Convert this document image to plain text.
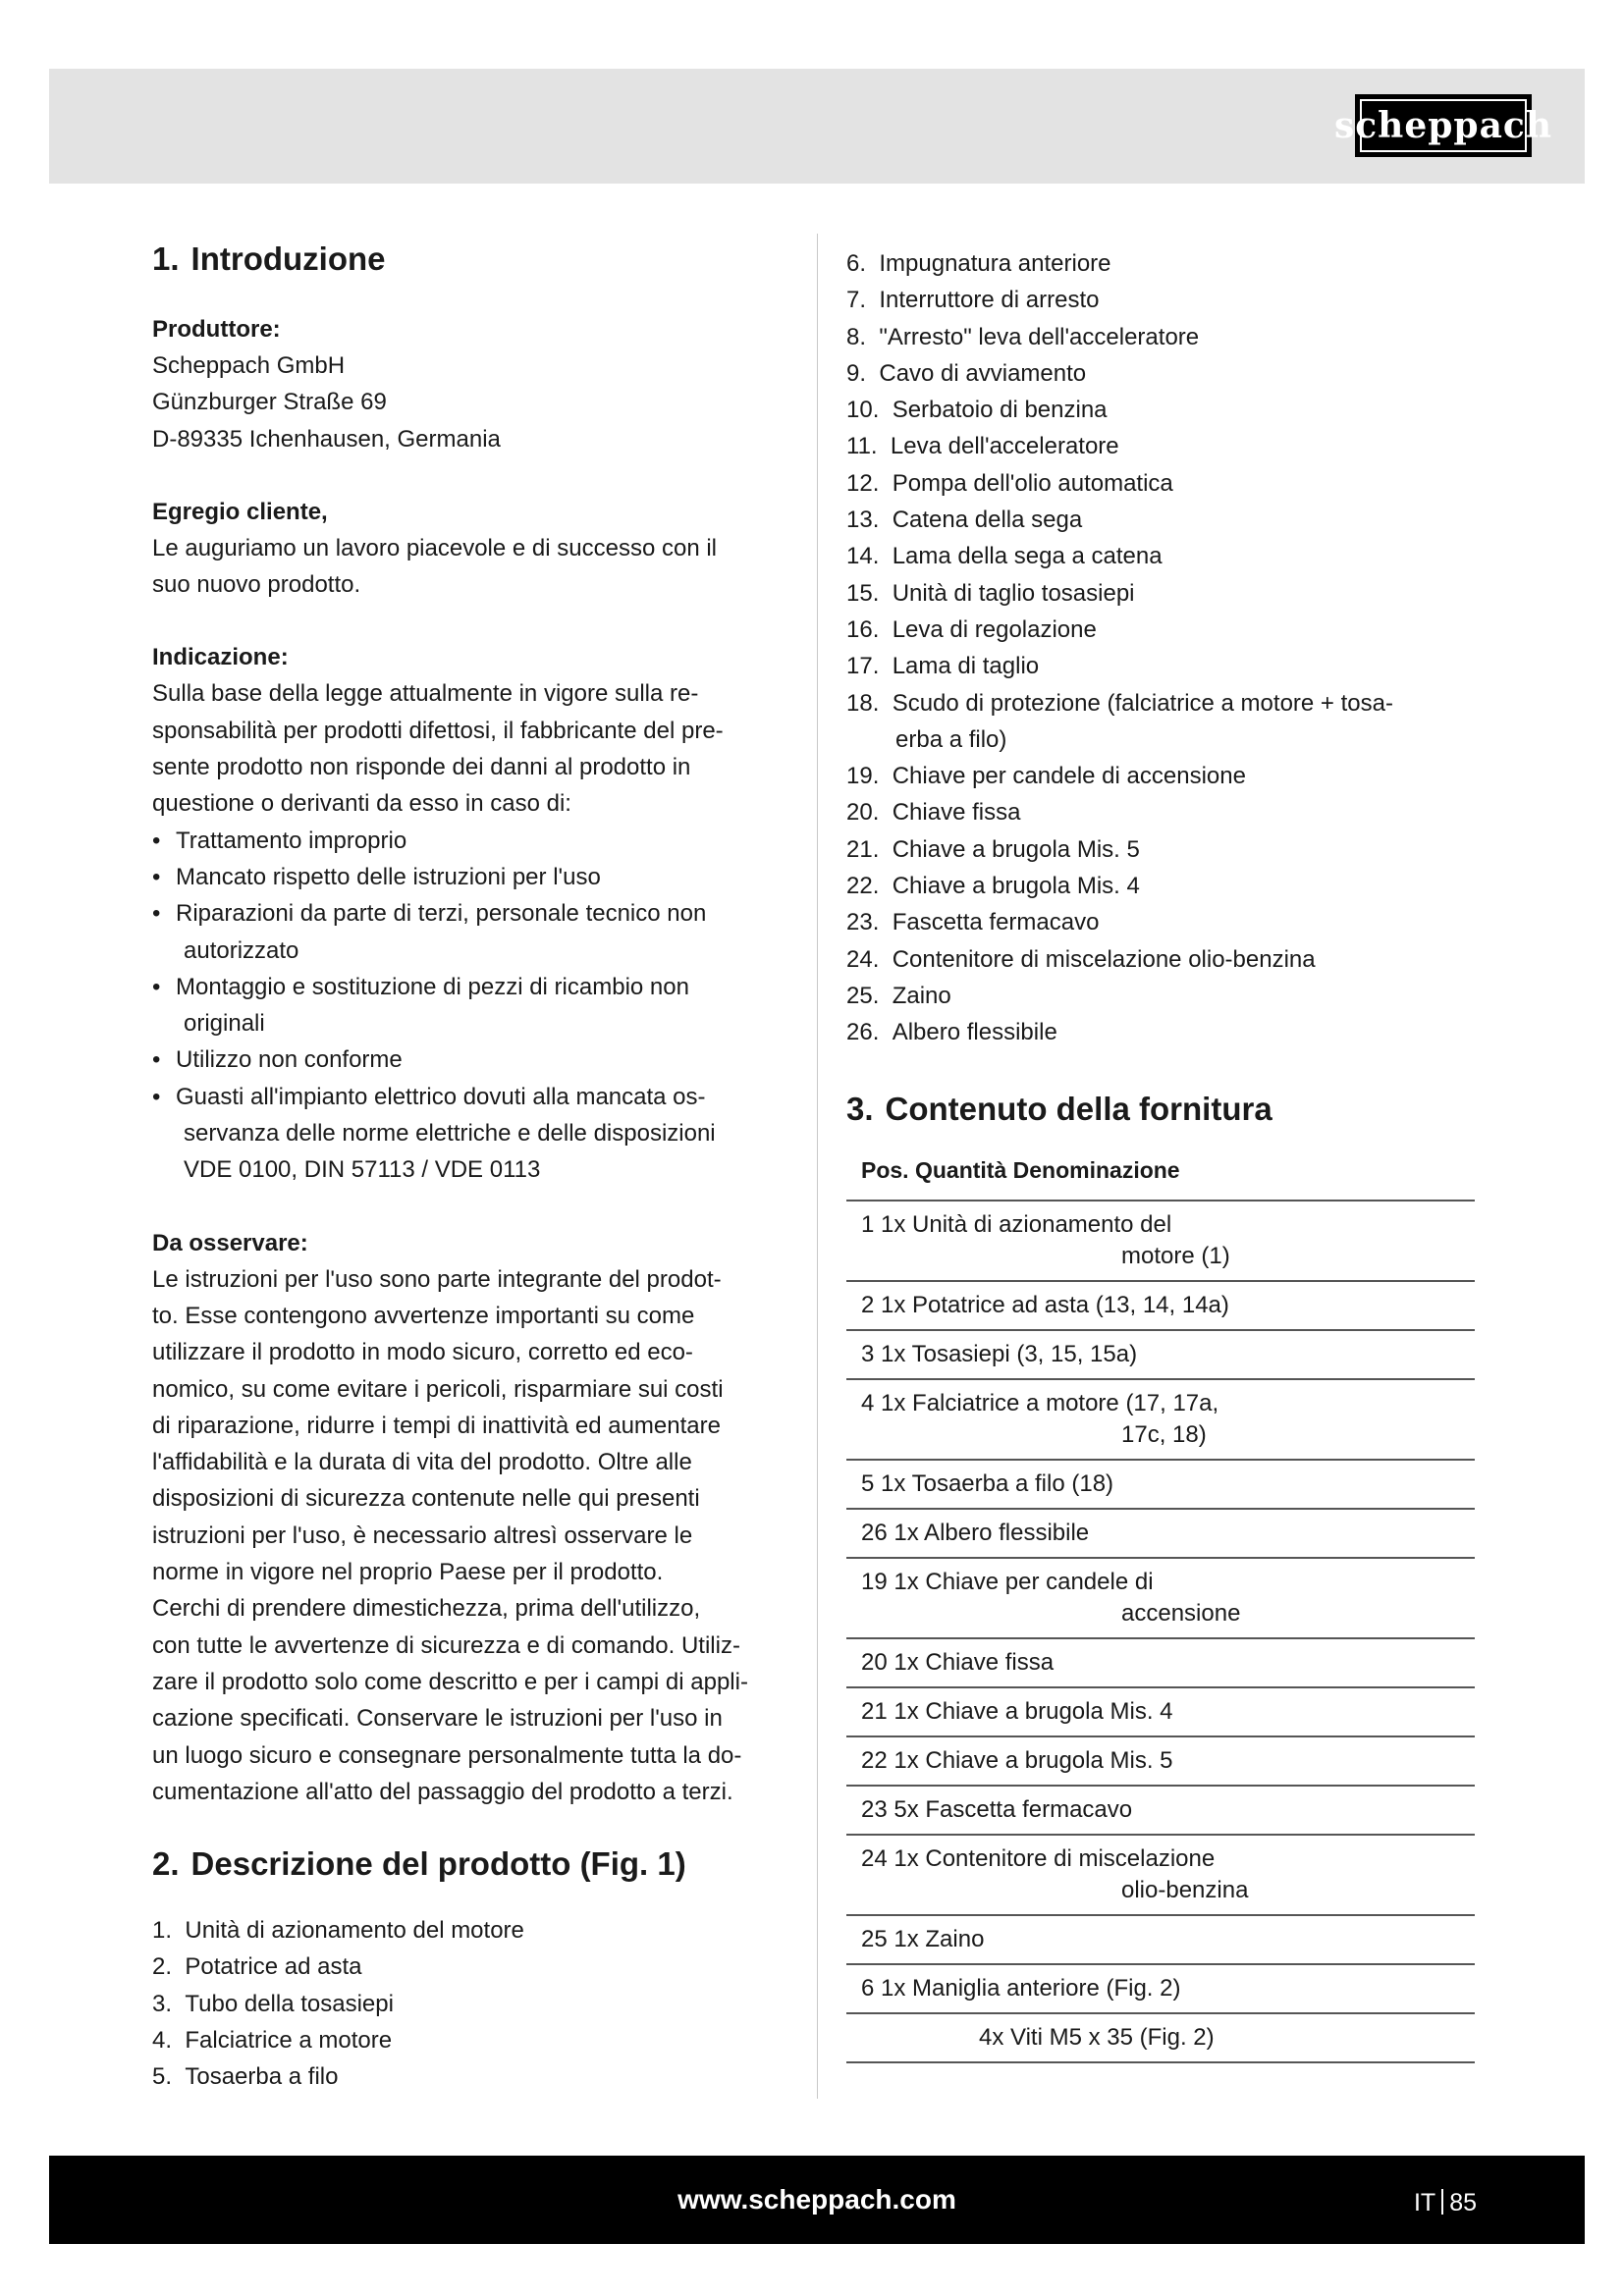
scheppach
1. Introduzione

Produttore:

Scheppach GmbH
Günzburger Straße 69
D-89335 Ichenhausen, Germania

Egregio cliente,

Le auguriamo un lavoro piacevole e di successo con il
suo nuovo prodotto.

Indicazione:

Sulla base della legge attualmente in vigore sulla re-
sponsabilità per prodotti difettosi, il fabbricante del pre-
sente prodotto non risponde dei danni al prodotto in
questione o derivanti da esso in caso di:
• Trattamento improprio
• Mancato rispetto delle istruzioni per l'uso
• Riparazioni da parte di terzi, personale tecnico non
autorizzato
• Montaggio e sostituzione di pezzi di ricambio non
originali
• Utilizzo non conforme
• Guasti all'impianto elettrico dovuti alla mancata os-
servanza delle norme elettriche e delle disposizioni
VDE 0100, DIN 57113 / VDE 0113

Da osservare:

Le istruzioni per l'uso sono parte integrante del prodot-
to. Esse contengono avvertenze importanti su come
utilizzare il prodotto in modo sicuro, corretto ed eco-
nomico, su come evitare i pericoli, risparmiare sui costi
di riparazione, ridurre i tempi di inattività ed aumentare
l'affidabilità e la durata di vita del prodotto. Oltre alle
disposizioni di sicurezza contenute nelle qui presenti
istruzioni per l'uso, è necessario altresì osservare le
norme in vigore nel proprio Paese per il prodotto.
Cerchi di prendere dimestichezza, prima dell'utilizzo,
con tutte le avvertenze di sicurezza e di comando. Utiliz-
zare il prodotto solo come descritto e per i campi di appli-
cazione specificati. Conservare le istruzioni per l'uso in
un luogo sicuro e consegnare personalmente tutta la do-
cumentazione all'atto del passaggio del prodotto a terzi.
2. Descrizione del prodotto (Fig. 1)
1. Unità di azionamento del motore
2. Potatrice ad asta
3. Tubo della tosasiepi
4. Falciatrice a motore
5. Tosaerba a filo
6. Impugnatura anteriore
7. Interruttore di arresto
8. "Arresto" leva dell'acceleratore
9. Cavo di avviamento
10. Serbatoio di benzina
11. Leva dell'acceleratore
12. Pompa dell'olio automatica
13. Catena della sega
14. Lama della sega a catena
15. Unità di taglio tosasiepi
16. Leva di regolazione
17. Lama di taglio
18.  Scudo di protezione (falciatrice a motore + tosa-
erba a filo)
19. Chiave per candele di accensione
20. Chiave fissa
21. Chiave a brugola Mis. 5
22. Chiave a brugola Mis. 4
23. Fascetta fermacavo
24. Contenitore di miscelazione olio-benzina
25. Zaino
26. Albero flessibile
3. Contenuto della fornitura
Pos. Quantità Denominazione
1 1x Unità di azionamento del
motore (1)
2 1x Potatrice ad asta (13, 14, 14a)
3 1x Tosasiepi (3, 15, 15a)
4 1x Falciatrice a motore (17, 17a,
17c, 18)
5 1x Tosaerba a filo (18)
26 1x Albero flessibile
19 1x Chiave per candele di
accensione
20 1x Chiave fissa
21 1x Chiave a brugola Mis. 4
22 1x Chiave a brugola Mis. 5
23 5x Fascetta fermacavo
24 1x Contenitore di miscelazione
olio-benzina
25 1x Zaino
6 1x Maniglia anteriore (Fig. 2)
4x Viti M5 x 35 (Fig. 2)
www.scheppach.com	IT 85
